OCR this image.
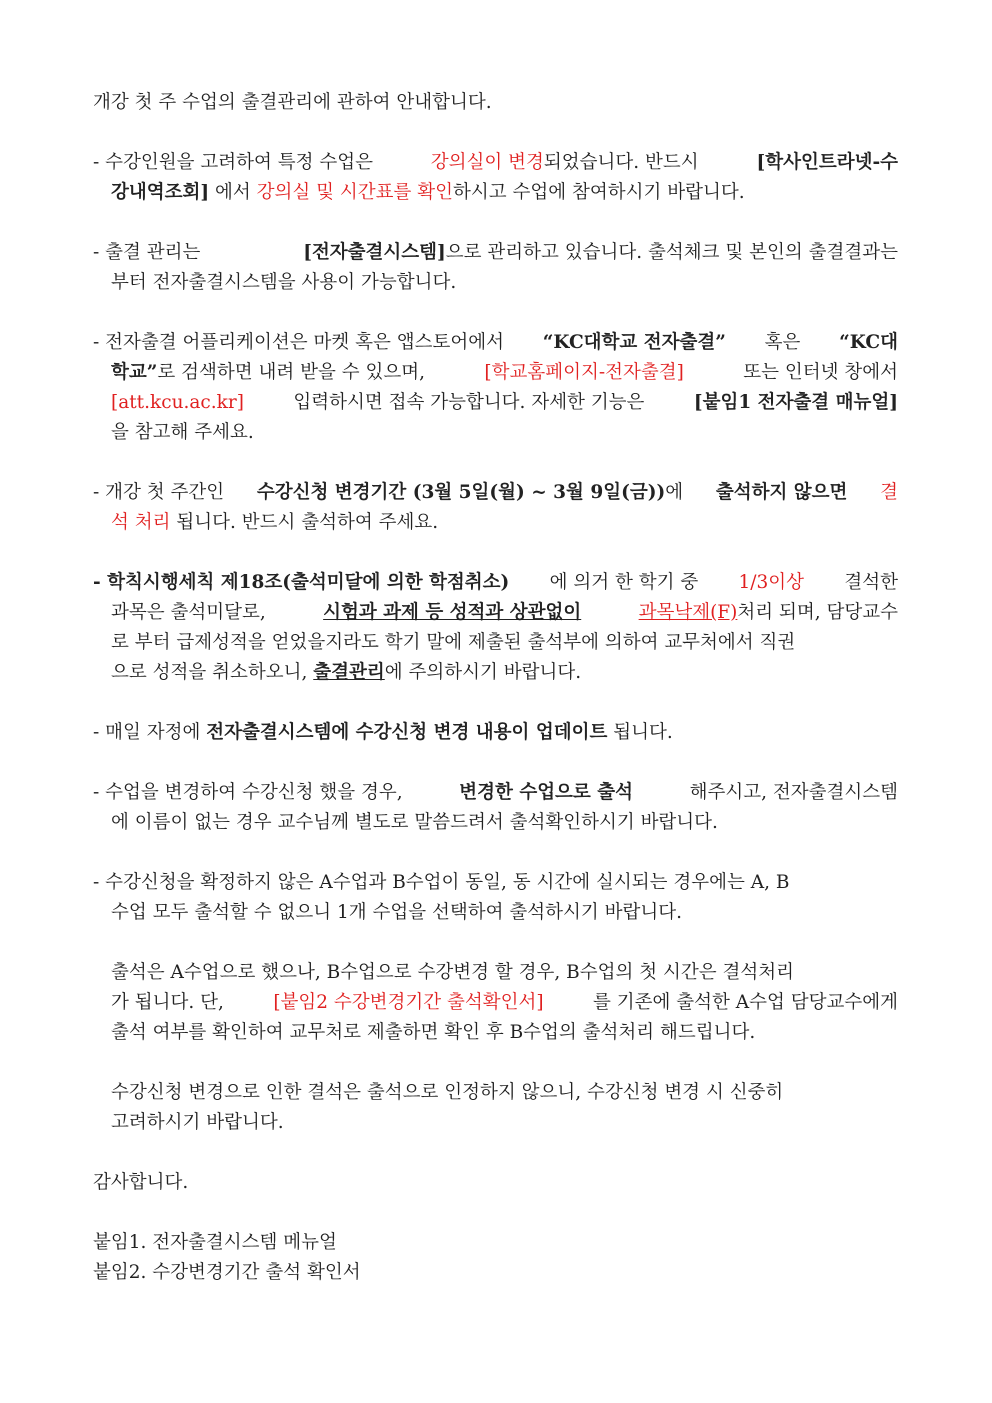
개강 첫 주 수업의 출결관리에 관하여 안내합니다.
- 수강인원을 고려하여 특정 수업은	강의실이 변경되었습니다. 반드시	[학사인트라넷-수
강내역조회] 에서 강의실 및 시간표를 확인하시고 수업에 참여하시기 바랍니다.
- 출결 관리는	[전자출결시스템]으로 관리하고 있습니다. 출석체크 및 본인의 출결결과는
부터 전자출결시스템을 사용이 가능합니다.
- 전자출결 어플리케이션은 마켓 혹은 앱스토어에서 “KC대학교 전자출결” 혹은 “KC대
학교”로 검색하면 내려 받을 수 있으며,	[학교홈페이지-전자출결]	또는 인터넷 창에서
[att.kcu.ac.kr]	입력하시면 접속 가능합니다. 자세한 기능은	[붙임1 전자출결 매뉴얼]
을 참고해 주세요.
- 개강 첫 주간인 수강신청 변경기간 (3월 5일(월) ~ 3월 9일(금))에 출석하지 않으면 결
석 처리 됩니다. 반드시 출석하여 주세요.
- 학칙시행세칙 제18조(출석미달에 의한 학점취소) 에 의거 한 학기 중 1/3이상 결석한
과목은 출석미달로,	시험과 과제 등 성적과 상관없이	과목낙제(F)처리 되며, 담당교수
로 부터 급제성적을 얻었을지라도 학기 말에 제출된 출석부에 의하여 교무처에서 직권
으로 성적을 취소하오니, 출결관리에 주의하시기 바랍니다.
- 매일 자정에 전자출결시스템에 수강신청 변경 내용이 업데이트 됩니다.
- 수업을 변경하여 수강신청 했을 경우,	변경한 수업으로 출석	해주시고, 전자출결시스템
에 이름이 없는 경우 교수님께 별도로 말씀드려서 출석확인하시기 바랍니다.
- 수강신청을 확정하지 않은 A수업과 B수업이 동일, 동 시간에 실시되는 경우에는 A, B
수업 모두 출석할 수 없으니 1개 수업을 선택하여 출석하시기 바랍니다.
출석은 A수업으로 했으나, B수업으로 수강변경 할 경우, B수업의 첫 시간은 결석처리
가 됩니다. 단,	[붙임2 수강변경기간 출석확인서]	를 기존에 출석한 A수업 담당교수에게
출석 여부를 확인하여 교무처로 제출하면 확인 후 B수업의 출석처리 해드립니다.
수강신청 변경으로 인한 결석은 출석으로 인정하지 않으니, 수강신청 변경 시 신중히
고려하시기 바랍니다.
감사합니다.
붙임1. 전자출결시스템 메뉴얼
붙임2. 수강변경기간 출석 확인서
